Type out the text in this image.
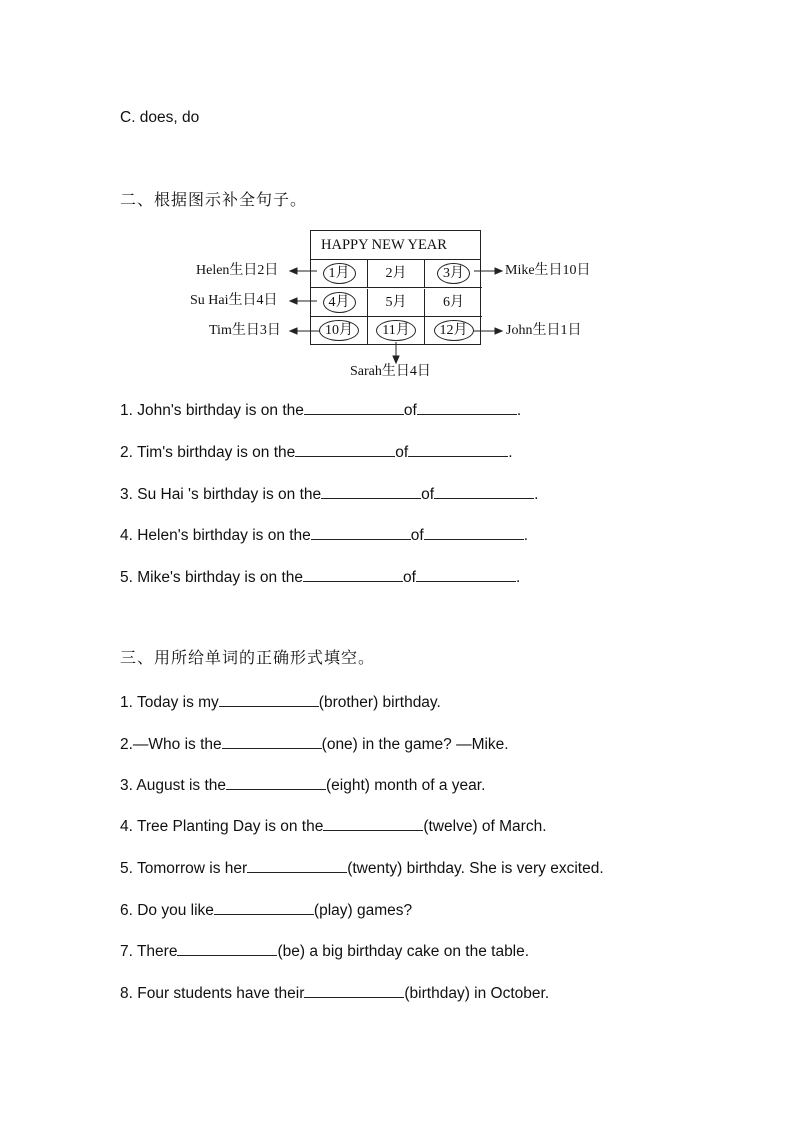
C. does, do
二、根据图示补全句子。
HAPPY NEW YEAR
1月	2月	3月
4月	5月	6月
10月	11月	12月
Helen生日2日
Su Hai生日4日
Tim生日3日
Mike生日10日
John生日1日
Sarah生日4日
1. John's birthday is on the	of	.
2. Tim's birthday is on the	of	.
3. Su Hai 's birthday is on the	of	.
4. Helen's birthday is on the	of	.
5. Mike's birthday is on the	of	.
三、用所给单词的正确形式填空。
1. Today is my	(brother) birthday.
2.—Who is the	(one) in the game? —Mike.
3. August is the	(eight) month of a year.
4. Tree Planting Day is on the	(twelve) of March.
5. Tomorrow is her	(twenty) birthday. She is very excited.
6. Do you like	(play) games?
7. There	(be) a big birthday cake on the table.
8. Four students have their	(birthday) in October.
